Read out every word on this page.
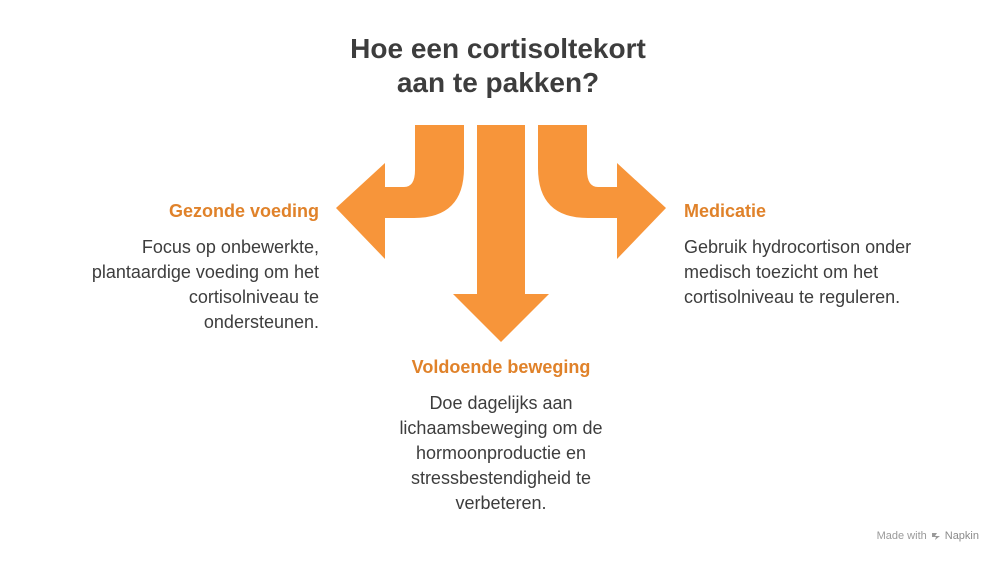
Hoe een cortisoltekort
aan te pakken?
Gezonde voeding

Focus op onbewerkte,
plantaardige voeding om het
cortisolniveau te
ondersteunen.

Voldoende beweging

Doe dagelijks aan
lichaamsbeweging om de
hormoonproductie en
stressbestendigheid te
verbeteren.

Medicatie

Gebruik hydrocortison onder
medisch toezicht om het
cortisolniveau te reguleren.

Made with Napkin
